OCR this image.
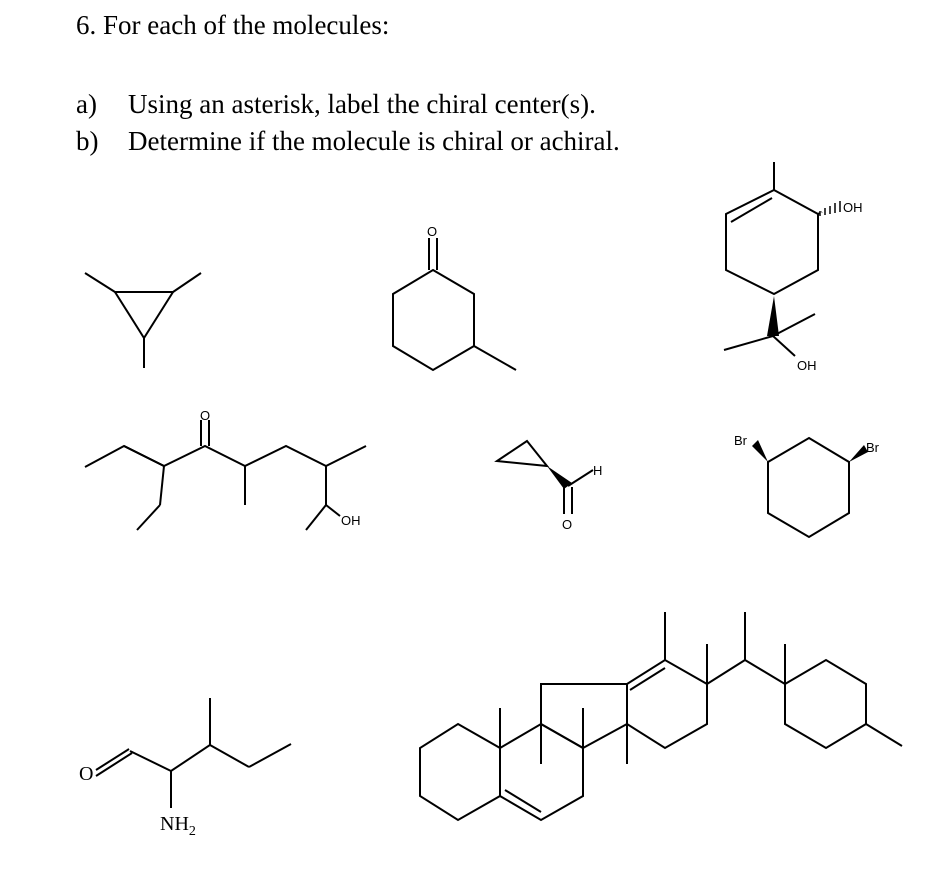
6. For each of the molecules:
a) Using an asterisk, label the chiral center(s).
b) Determine if the molecule is chiral or achiral.
O
OH
OH
O
OH
H
O
Br	Br
O
$NH_2$
